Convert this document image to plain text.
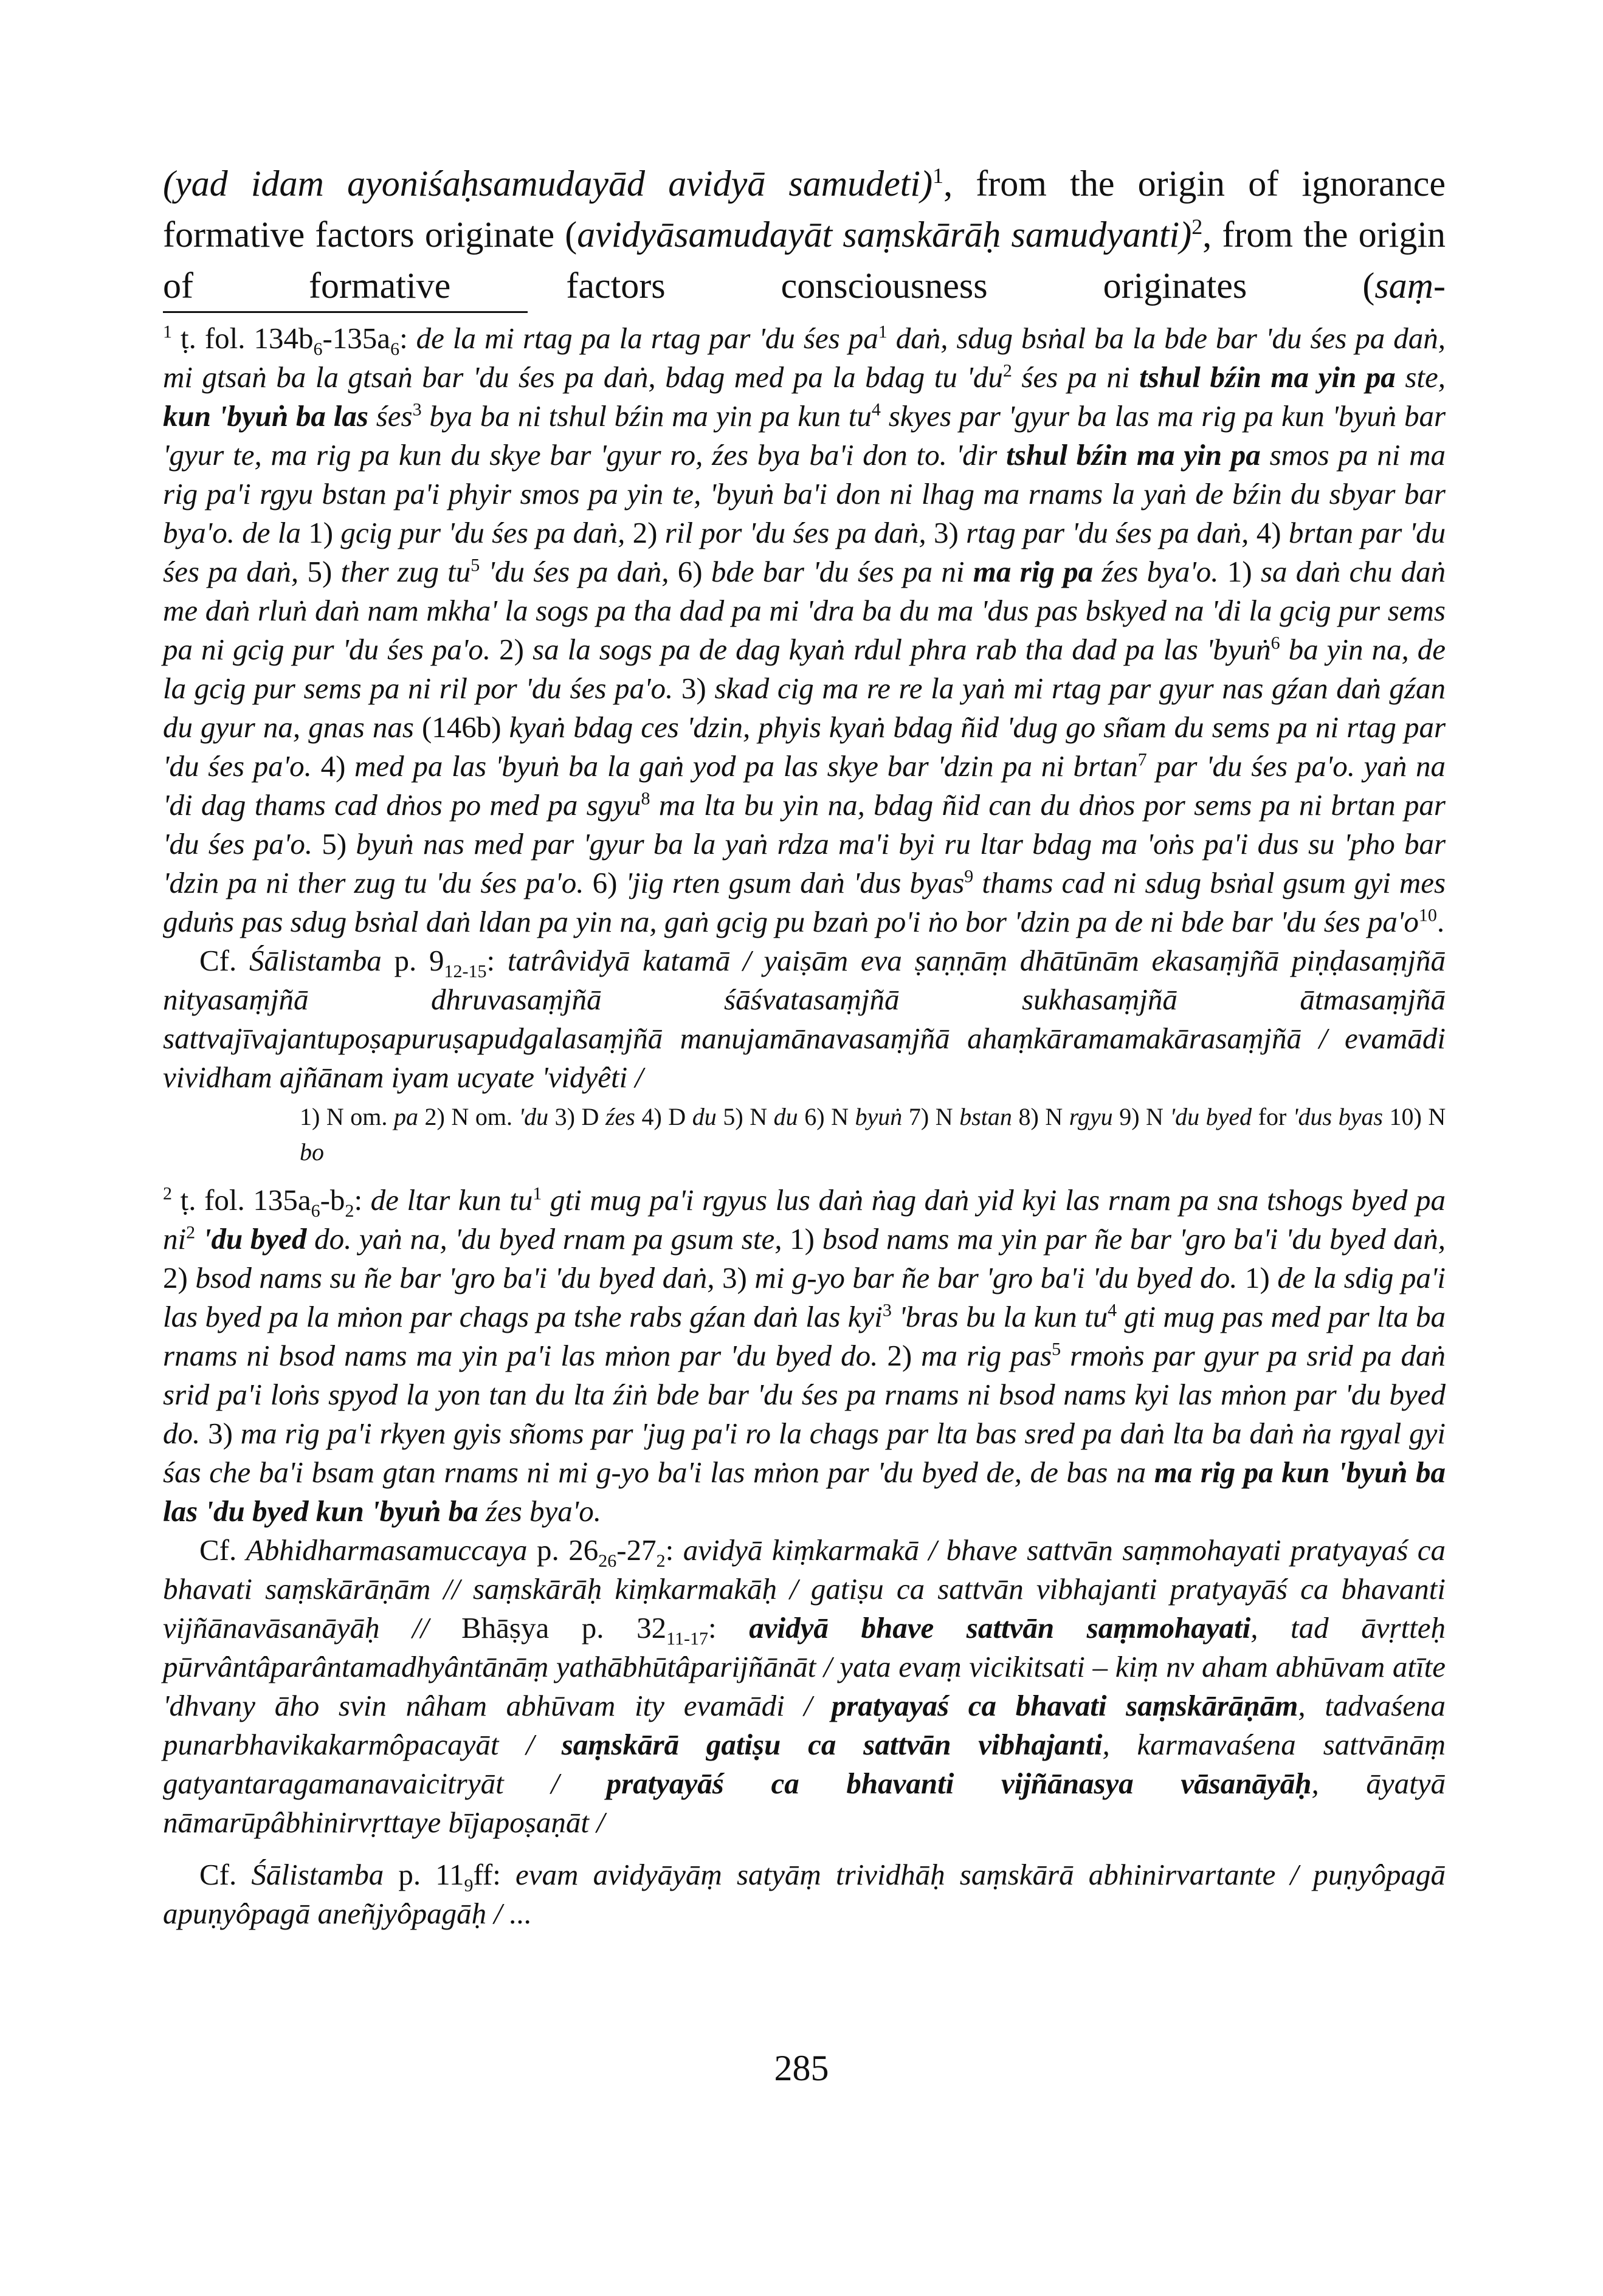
(yad idam ayoniśaḥsamudayād avidyā samudeti)$^1$, from the origin of ignorance formative factors originate (avidyāsamudayāt saṃskārāḥ samudyanti)$^2$, from the origin of formative factors consciousness originates (saṃ-

$^1$ ṭ. fol. $134b_6-135a_6$: de la mi rtag pa la rtag par 'du śes $pa^1$ daṅ, sdug bsṅal ba la bde bar 'du śes pa daṅ, mi gtsaṅ ba la gtsaṅ bar 'du śes pa daṅ, bdag med pa la bdag tu '$du^2$ śes pa ni tshul bźin ma yin pa ste, kun 'byuṅ ba las śes$^3$ bya ba ni tshul bźin ma yin pa kun $tu^4$ skyes par 'gyur ba las ma rig pa kun 'byuṅ bar 'gyur te, ma rig pa kun du skye bar 'gyur ro, źes bya ba'i don to. 'dir tshul bźin ma yin pa smos pa ni ma rig pa'i rgyu bstan pa'i phyir smos pa yin te, 'byuṅ ba'i don ni lhag ma rnams la yaṅ de bźin du sbyar bar bya'o. de la 1) gcig pur 'du śes pa daṅ, 2) ril por 'du śes pa daṅ, 3) rtag par 'du śes pa daṅ, 4) brtan par 'du śes pa daṅ, 5) ther zug $tu^5$ 'du śes pa daṅ, 6) bde bar 'du śes pa ni ma rig pa źes bya'o. 1) sa daṅ chu daṅ me daṅ rluṅ daṅ nam mkha' la sogs pa tha dad pa mi 'dra ba du ma 'dus pas bskyed na 'di la gcig pur sems pa ni gcig pur 'du śes pa'o. 2) sa la sogs pa de dag kyaṅ rdul phra rab tha dad pa las 'byuṅ$^6$ ba yin na, de la gcig pur sems pa ni ril por 'du śes pa'o. 3) skad cig ma re re la yaṅ mi rtag par gyur nas gźan daṅ gźan du gyur na, gnas nas (146b) kyaṅ bdag ces 'dzin, phyis kyaṅ bdag ñid 'dug go sñam du sems pa ni rtag par 'du śes pa'o. 4) med pa las 'byuṅ ba la gaṅ yod pa las skye bar 'dzin pa ni brtan$^7$ par 'du śes pa'o. yaṅ na 'di dag thams cad dṅos po med pa sgyu$^8$ ma lta bu yin na, bdag ñid can du dṅos por sems pa ni brtan par 'du śes pa'o. 5) byuṅ nas med par 'gyur ba la yaṅ rdza ma'i byi ru ltar bdag ma 'oṅs pa'i dus su 'pho bar 'dzin pa ni ther zug tu 'du śes pa'o. 6) 'jig rten gsum daṅ 'dus byas$^9$ thams cad ni sdug bsṅal gsum gyi mes gduṅs pas sdug bsṅal daṅ ldan pa yin na, gaṅ gcig pu bzaṅ po'i ṅo bor 'dzin pa de ni bde bar 'du śes $pa'o^{10}$.

Cf. Śālistamba p. $9_{12-15}$: tatrâvidyā katamā / yaiṣām eva ṣaṇṇāṃ dhātūnām ekasaṃjñā piṇḍasaṃjñā nityasaṃjñā dhruvasaṃjñā śāśvatasaṃjñā sukhasaṃjñā ātmasaṃjñā sattvajīvajantupoṣapuruṣapudgalasaṃjñā manujamānavasaṃjñā ahaṃkāramamakārasaṃjñā / evamādi vividham ajñānam iyam ucyate 'vidyêti /

1) N om. pa 2) N om. 'du 3) D źes 4) D du 5) N du 6) N byuṅ 7) N bstan 8) N rgyu 9) N 'du byed for 'dus byas 10) N bo

$^2$ ṭ. fol. $135a_6-b_2$: de ltar kun $tu^1$ gti mug pa'i rgyus lus daṅ ṅag daṅ yid kyi las rnam pa sna tshogs byed pa $ni^2$ 'du byed do. yaṅ na, 'du byed rnam pa gsum ste, 1) bsod nams ma yin par ñe bar 'gro ba'i 'du byed daṅ, 2) bsod nams su ñe bar 'gro ba'i 'du byed daṅ, 3) mi g-yo bar ñe bar 'gro ba'i 'du byed do. 1) de la sdig pa'i las byed pa la mṅon par chags pa tshe rabs gźan daṅ las kyi$^3$ 'bras bu la kun $tu^4$ gti mug pas med par lta ba rnams ni bsod nams ma yin pa'i las mṅon par 'du byed do. 2) ma rig pas$^5$ rmoṅs par gyur pa srid pa daṅ srid pa'i loṅs spyod la yon tan du lta źiṅ bde bar 'du śes pa rnams ni bsod nams kyi las mṅon par 'du byed do. 3) ma rig pa'i rkyen gyis sñoms par 'jug pa'i ro la chags par lta bas sred pa daṅ lta ba daṅ ṅa rgyal gyi śas che ba'i bsam gtan rnams ni mi g-yo ba'i las mṅon par 'du byed de, de bas na ma rig pa kun 'byuṅ ba las 'du byed kun 'byuṅ ba źes bya'o.

Cf. Abhidharmasamuccaya p. $26_{26}-27_2$: avidyā kiṃkarmakā / bhave sattvān saṃmohayati pratyayaś ca bhavati saṃskārāṇām // saṃskārāḥ kiṃkarmakāḥ / gatiṣu ca sattvān vibhajanti pratyayāś ca bhavanti vijñānavāsanāyāḥ // Bhāṣya p. $32_{11-17}$: avidyā bhave sattvān saṃmohayati, tad āvṛtteḥ pūrvântâparântamadhyântānāṃ yathābhūtâparijñānāt / yata evaṃ vicikitsati – kiṃ nv aham abhūvam atīte 'dhvany āho svin nâham abhūvam ity evamādi / pratyayaś ca bhavati saṃskārāṇām, tadvaśena punarbhavikakarmôpacayāt / saṃskārā gatiṣu ca sattvān vibhajanti, karmavaśena sattvānāṃ gatyantaragamanavaicitryāt / pratyayāś ca bhavanti vijñānasya vāsanāyāḥ, āyatyā nāmarūpâbhinirvṛttaye bījapoṣaṇāt /

Cf. Śālistamba p. $11_9ff$: evam avidyāyāṃ satyāṃ trividhāḥ saṃskārā abhinirvartante / puṇyôpagā apuṇyôpagā aneñjyôpagāḥ / ...

285
